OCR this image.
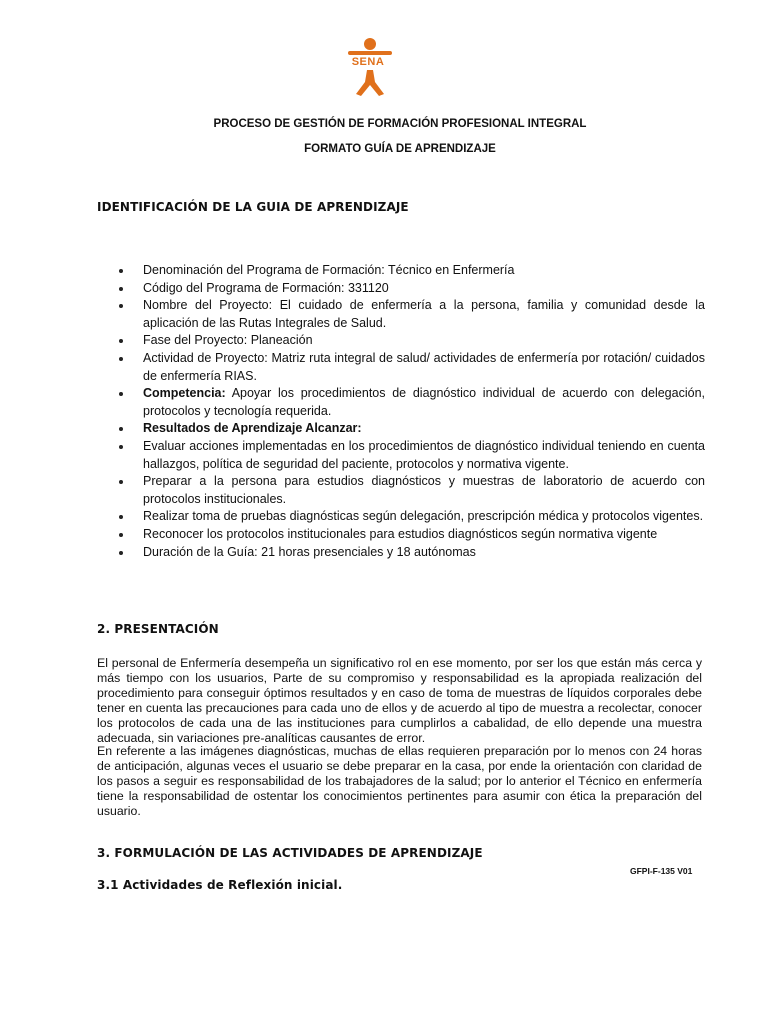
SENA
PROCESO DE GESTIÓN DE FORMACIÓN PROFESIONAL INTEGRAL
FORMATO GUÍA DE APRENDIZAJE
IDENTIFICACIÓN DE LA GUIA DE APRENDIZAJE
Denominación del Programa de Formación: Técnico en Enfermería
Código del Programa de Formación: 331120
Nombre del Proyecto: El cuidado de enfermería a la persona, familia y comunidad desde la aplicación de las Rutas Integrales de Salud.
Fase del Proyecto: Planeación
Actividad de Proyecto: Matriz ruta integral de salud/ actividades de enfermería por rotación/ cuidados de enfermería RIAS.
Competencia: Apoyar los procedimientos de diagnóstico individual de acuerdo con delegación, protocolos y tecnología requerida.
Resultados de Aprendizaje Alcanzar:
Evaluar acciones implementadas en los procedimientos de diagnóstico individual teniendo en cuenta hallazgos, política de seguridad del paciente, protocolos y normativa vigente.
Preparar a la persona para estudios diagnósticos y muestras de laboratorio de acuerdo con protocolos institucionales.
Realizar toma de pruebas diagnósticas según delegación, prescripción médica y protocolos vigentes.
Reconocer los protocolos institucionales para estudios diagnósticos según normativa vigente
Duración de la Guía: 21 horas presenciales y 18 autónomas
2. PRESENTACIÓN
El personal de Enfermería desempeña un significativo rol en ese momento, por ser los que están más cerca y más tiempo con los usuarios, Parte de su compromiso y responsabilidad es la apropiada realización del procedimiento para conseguir óptimos resultados y en caso de toma de muestras de líquidos corporales debe tener en cuenta las precauciones para cada uno de ellos y de acuerdo al tipo de muestra a recolectar, conocer los protocolos de cada una de las instituciones para cumplirlos a cabalidad, de ello depende una muestra adecuada, sin variaciones pre-analíticas causantes de error.
En referente a las imágenes diagnósticas, muchas de ellas requieren preparación por lo menos con 24 horas de anticipación, algunas veces el usuario se debe preparar en la casa, por ende la orientación con claridad de los pasos a seguir es responsabilidad de los trabajadores de la salud; por lo anterior el Técnico en enfermería tiene la responsabilidad de ostentar los conocimientos pertinentes para asumir con ética la preparación del usuario.
3. FORMULACIÓN DE LAS ACTIVIDADES DE APRENDIZAJE
GFPI-F-135 V01
3.1 Actividades de Reflexión inicial.
